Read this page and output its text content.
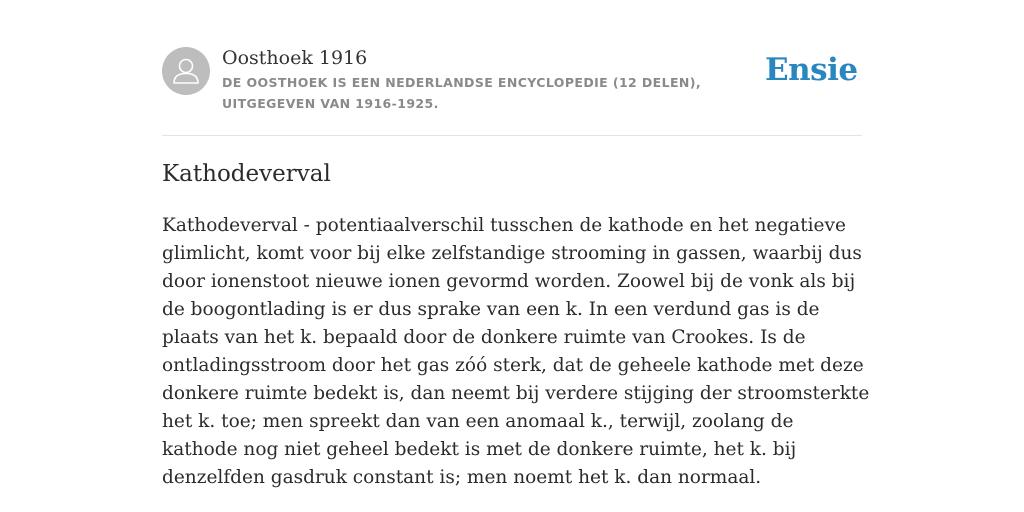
Oosthoek 1916
DE OOSTHOEK IS EEN NEDERLANDSE ENCYCLOPEDIE (12 DELEN), UITGEGEVEN VAN 1916-1925.
Ensie
Kathodeverval

Kathodeverval - potentiaalverschil tusschen de kathode en het negatieve glimlicht, komt voor bij elke zelfstandige strooming in gassen, waarbij dus door ionenstoot nieuwe ionen gevormd worden. Zoowel bij de vonk als bij de boogontlading is er dus sprake van een k. In een verdund gas is de plaats van het k. bepaald door de donkere ruimte van Crookes. Is de ontladingsstroom door het gas zóó sterk, dat de geheele kathode met deze donkere ruimte bedekt is, dan neemt bij verdere stijging der stroomsterkte het k. toe; men spreekt dan van een anomaal k., terwijl, zoolang de kathode nog niet geheel bedekt is met de donkere ruimte, het k. bij denzelfden gasdruk constant is; men noemt het k. dan normaal.
